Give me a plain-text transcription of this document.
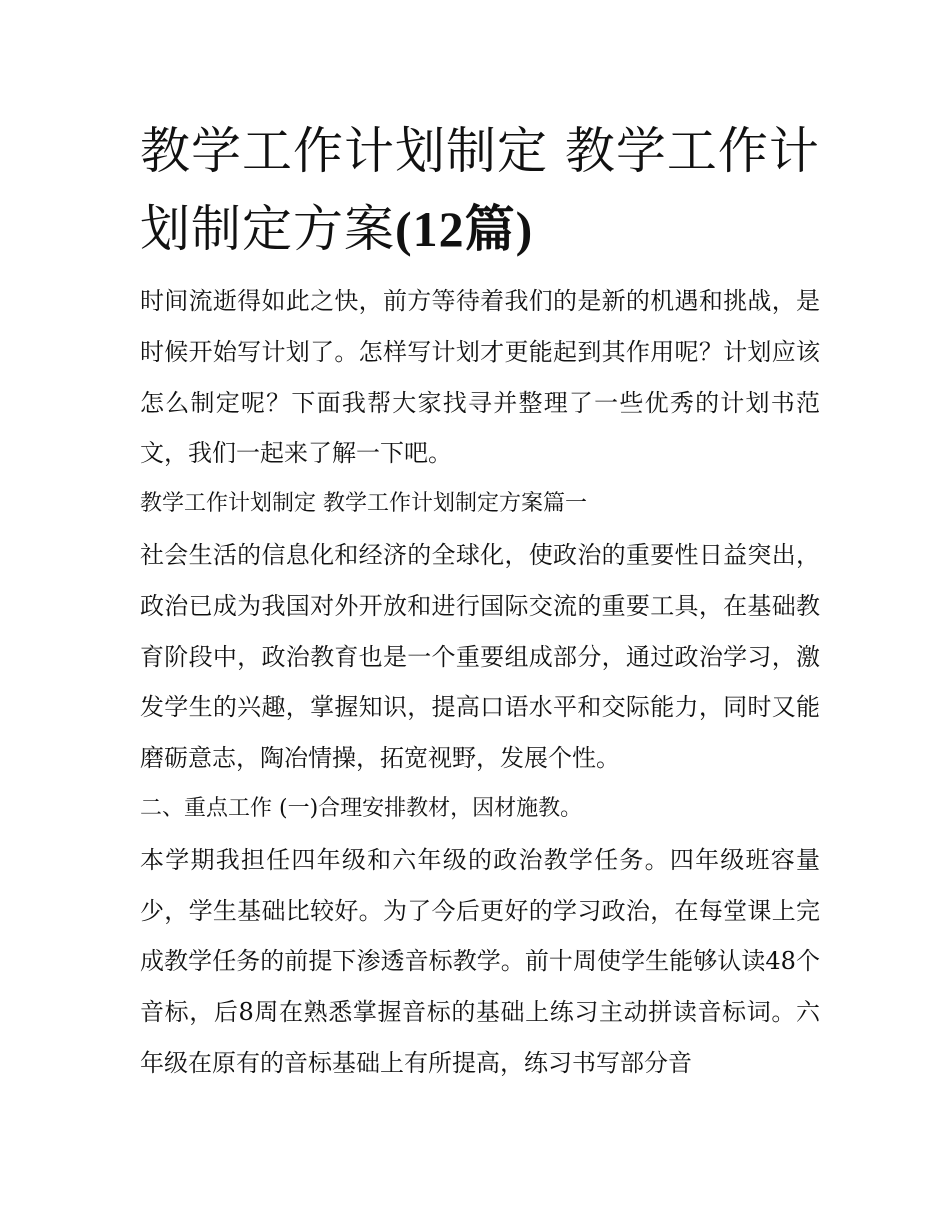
教学工作计划制定 教学工作计划制定方案(12篇)

时间流逝得如此之快，前方等待着我们的是新的机遇和挑战，是时候开始写计划了。怎样写计划才更能起到其作用呢？计划应该怎么制定呢？下面我帮大家找寻并整理了一些优秀的计划书范文，我们一起来了解一下吧。

教学工作计划制定 教学工作计划制定方案篇一

社会生活的信息化和经济的全球化，使政治的重要性日益突出，政治已成为我国对外开放和进行国际交流的重要工具，在基础教育阶段中，政治教育也是一个重要组成部分，通过政治学习，激发学生的兴趣，掌握知识，提高口语水平和交际能力，同时又能磨砺意志，陶冶情操，拓宽视野，发展个性。

二、重点工作 (一)合理安排教材，因材施教。

本学期我担任四年级和六年级的政治教学任务。四年级班容量少，学生基础比较好。为了今后更好的学习政治，在每堂课上完成教学任务的前提下渗透音标教学。前十周使学生能够认读48个音标，后8周在熟悉掌握音标的基础上练习主动拼读音标词。六年级在原有的音标基础上有所提高，练习书写部分音
